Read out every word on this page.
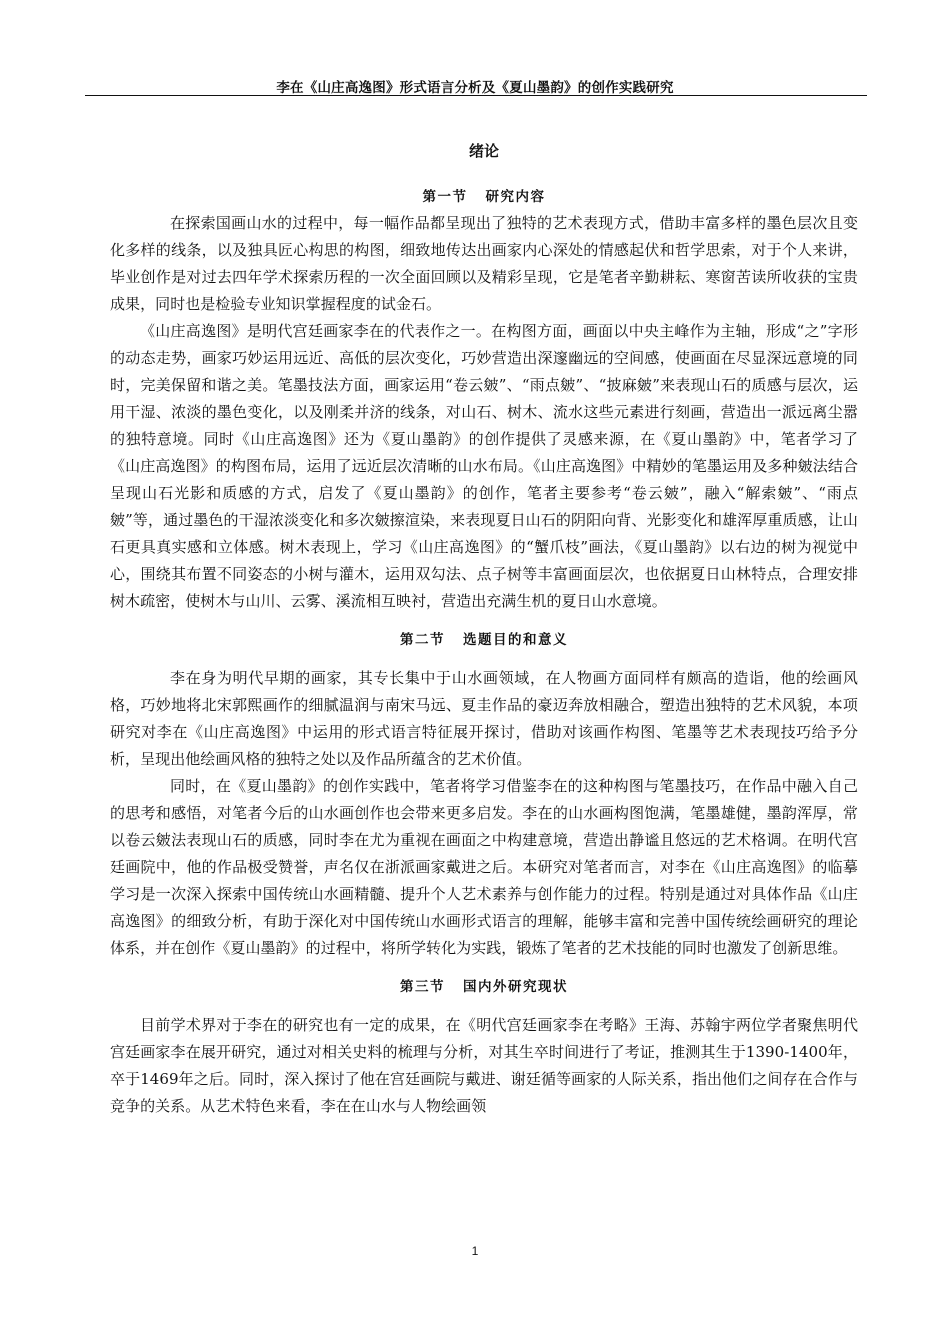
李在《山庄高逸图》形式语言分析及《夏山墨韵》的创作实践研究
绪论
第一节 研究内容

在探索国画山水的过程中，每一幅作品都呈现出了独特的艺术表现方式，借助丰富多样的墨色层次且变化多样的线条，以及独具匠心构思的构图，细致地传达出画家内心深处的情感起伏和哲学思索，对于个人来讲，毕业创作是对过去四年学术探索历程的一次全面回顾以及精彩呈现，它是笔者辛勤耕耘、寒窗苦读所收获的宝贵成果，同时也是检验专业知识掌握程度的试金石。

《山庄高逸图》是明代宫廷画家李在的代表作之一。在构图方面，画面以中央主峰作为主轴，形成“之”字形的动态走势，画家巧妙运用远近、高低的层次变化，巧妙营造出深邃幽远的空间感，使画面在尽显深远意境的同时，完美保留和谐之美。笔墨技法方面，画家运用“卷云皴”、“雨点皴”、“披麻皴”来表现山石的质感与层次，运用干湿、浓淡的墨色变化，以及刚柔并济的线条，对山石、树木、流水这些元素进行刻画，营造出一派远离尘嚣的独特意境。同时《山庄高逸图》还为《夏山墨韵》的创作提供了灵感来源，在《夏山墨韵》中，笔者学习了《山庄高逸图》的构图布局，运用了远近层次清晰的山水布局。《山庄高逸图》中精妙的笔墨运用及多种皴法结合呈现山石光影和质感的方式，启发了《夏山墨韵》的创作，笔者主要参考“卷云皴”，融入“解索皴”、“雨点皴”等，通过墨色的干湿浓淡变化和多次皴擦渲染，来表现夏日山石的阴阳向背、光影变化和雄浑厚重质感，让山石更具真实感和立体感。树木表现上，学习《山庄高逸图》的“蟹爪枝”画法，《夏山墨韵》以右边的树为视觉中心，围绕其布置不同姿态的小树与灌木，运用双勾法、点子树等丰富画面层次，也依据夏日山林特点，合理安排树木疏密，使树木与山川、云雾、溪流相互映衬，营造出充满生机的夏日山水意境。

第二节 选题目的和意义

李在身为明代早期的画家，其专长集中于山水画领域，在人物画方面同样有颇高的造诣，他的绘画风格，巧妙地将北宋郭熙画作的细腻温润与南宋马远、夏圭作品的豪迈奔放相融合，塑造出独特的艺术风貌，本项研究对李在《山庄高逸图》中运用的形式语言特征展开探讨，借助对该画作构图、笔墨等艺术表现技巧给予分析，呈现出他绘画风格的独特之处以及作品所蕴含的艺术价值。

同时，在《夏山墨韵》的创作实践中，笔者将学习借鉴李在的这种构图与笔墨技巧，在作品中融入自己的思考和感悟，对笔者今后的山水画创作也会带来更多启发。李在的山水画构图饱满，笔墨雄健，墨韵浑厚，常以卷云皴法表现山石的质感，同时李在尤为重视在画面之中构建意境，营造出静谧且悠远的艺术格调。在明代宫廷画院中，他的作品极受赞誉，声名仅在浙派画家戴进之后。本研究对笔者而言，对李在《山庄高逸图》的临摹学习是一次深入探索中国传统山水画精髓、提升个人艺术素养与创作能力的过程。特别是通过对具体作品《山庄高逸图》的细致分析，有助于深化对中国传统山水画形式语言的理解，能够丰富和完善中国传统绘画研究的理论体系，并在创作《夏山墨韵》的过程中，将所学转化为实践，锻炼了笔者的艺术技能的同时也激发了创新思维。

第三节 国内外研究现状

目前学术界对于李在的研究也有一定的成果，在《明代宫廷画家李在考略》王海、苏翰宇两位学者聚焦明代宫廷画家李在展开研究，通过对相关史料的梳理与分析，对其生卒时间进行了考证，推测其生于1390-1400年，卒于1469年之后。同时，深入探讨了他在宫廷画院与戴进、谢廷循等画家的人际关系，指出他们之间存在合作与竞争的关系。从艺术特色来看，李在在山水与人物绘画领

1
